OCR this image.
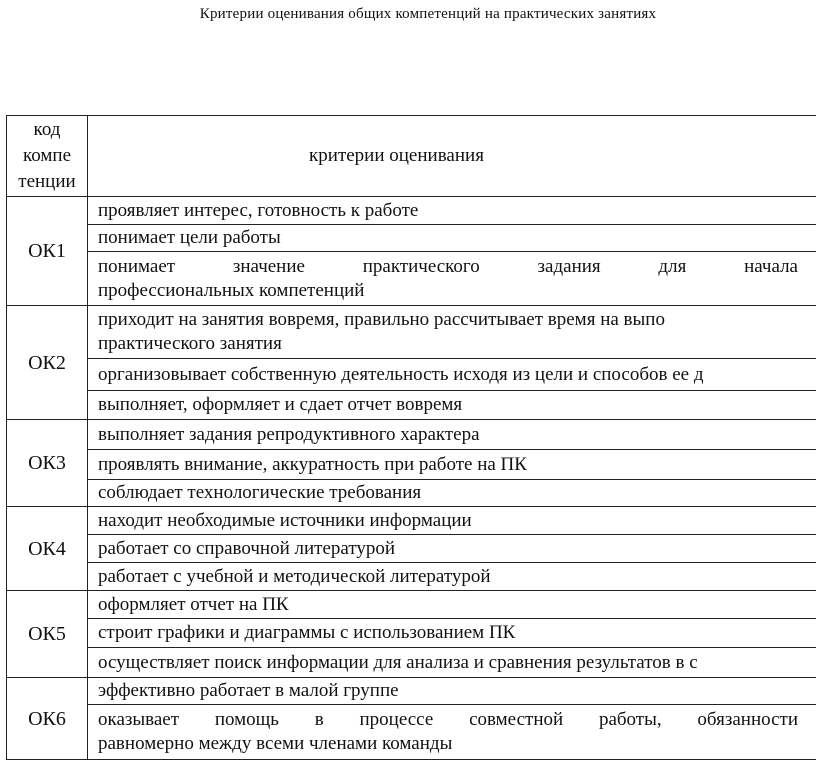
Критерии оценивания общих компетенций на практических занятиях
код
компе
тенции	критерии оценивания
ОК1	проявляет интерес, готовность к работе
	понимает цели работы

	понимает значение практического задания для начала
профессиональных компетенций

ОК2	приходит на занятия вовремя, правильно рассчитывает время на выпо
практического занятия

	организовывает собственную деятельность исходя из цели и способов ее д
	выполняет, оформляет и сдает отчет вовремя
ОК3	выполняет задания репродуктивного характера
	проявлять внимание, аккуратность при работе на ПК
	соблюдает технологические требования
ОК4	находит необходимые источники информации
	работает со справочной литературой
	работает с учебной и методической литературой
ОК5	оформляет отчет на ПК
	строит графики и диаграммы с использованием ПК
	осуществляет поиск информации для анализа и сравнения результатов в с
ОК6	эффективно работает в малой группе

	оказывает помощь в процессе совместной работы, обязанности
равномерно между всеми членами команды
